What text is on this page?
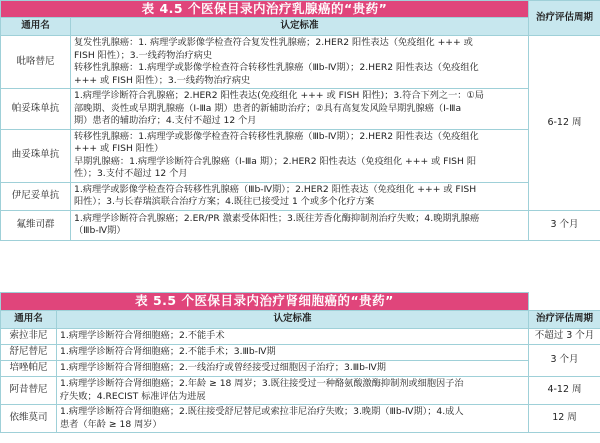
表 4.5 个医保目录内治疗乳腺癌的“贵药”		治疗评估周期
通用名	认定标准	
吡咯替尼	复发性乳腺癌：1. 病理学或影像学检查符合复发性乳腺癌；2.HER2 阳性表达（免疫组化 +++ 或
FISH 阳性）；3.一线药物治疗病史
转移性乳腺癌：1.病理学或影像学检查符合转移性乳腺癌（Ⅲb-Ⅳ期）；2.HER2 阳性表达（免疫组化
+++ 或 FISH 阳性）；3.一线药物治疗病史	6-12 周
帕妥珠单抗	1.病理学诊断符合乳腺癌；2.HER2 阳性表达(免疫组化 +++ 或 FISH 阳性)；3.符合下列之一：①局
部晚期、炎性或早期乳腺癌（Ⅰ-Ⅲa 期）患者的新辅助治疗；②具有高复发风险早期乳腺癌（Ⅰ-Ⅲa
期）患者的辅助治疗；4.支付不超过 12 个月	

曲妥珠单抗	转移性乳腺癌：1.病理学或影像学检查符合转移性乳腺癌（Ⅲb-Ⅳ期）；2.HER2 阳性表达（免疫组化
+++ 或 FISH 阳性）
早期乳腺癌：1.病理学诊断符合乳腺癌（Ⅰ-Ⅲa 期）；2.HER2 阳性表达（免疫组化 +++ 或 FISH 阳
性）；3.支付不超过 12 个月	

伊尼妥单抗	1.病理学或影像学检查符合转移性乳腺癌（Ⅲb-Ⅳ期）；2.HER2 阳性表达（免疫组化 +++ 或 FISH
阳性）；3.与长春瑞滨联合治疗方案；4.既往已接受过 1 个或多个化疗方案	

氟维司群	1.病理学诊断符合乳腺癌；2.ER/PR 激素受体阳性；3.既往芳香化酶抑制剂治疗失败；4.晚期乳腺癌
（Ⅲb-Ⅳ期）	3 个月
表 5.5 个医保目录内治疗肾细胞癌的“贵药”		
通用名	认定标准	治疗评估周期
索拉非尼	1.病理学诊断符合肾细胞癌；2.不能手术	不超过 3 个月
舒尼替尼	1.病理学诊断符合肾细胞癌；2.不能手术；3.Ⅲb-Ⅳ期	3 个月
培唑帕尼	1.病理学诊断符合肾细胞癌；2.一线治疗或曾经接受过细胞因子治疗；3.Ⅲb-Ⅳ期	

阿昔替尼	1.病理学诊断符合肾细胞癌；2.年龄 ≥ 18 周岁；3.既往接受过一种酪氨酸激酶抑制剂或细胞因子治
疗失败；4.RECIST 标准评估为进展	4-12 周
依维莫司	1.病理学诊断符合肾细胞癌；2.既往接受舒尼替尼或索拉非尼治疗失败；3.晚期（Ⅲb-Ⅳ期）；4.成人
患者（年龄 ≥ 18 周岁）	12 周
